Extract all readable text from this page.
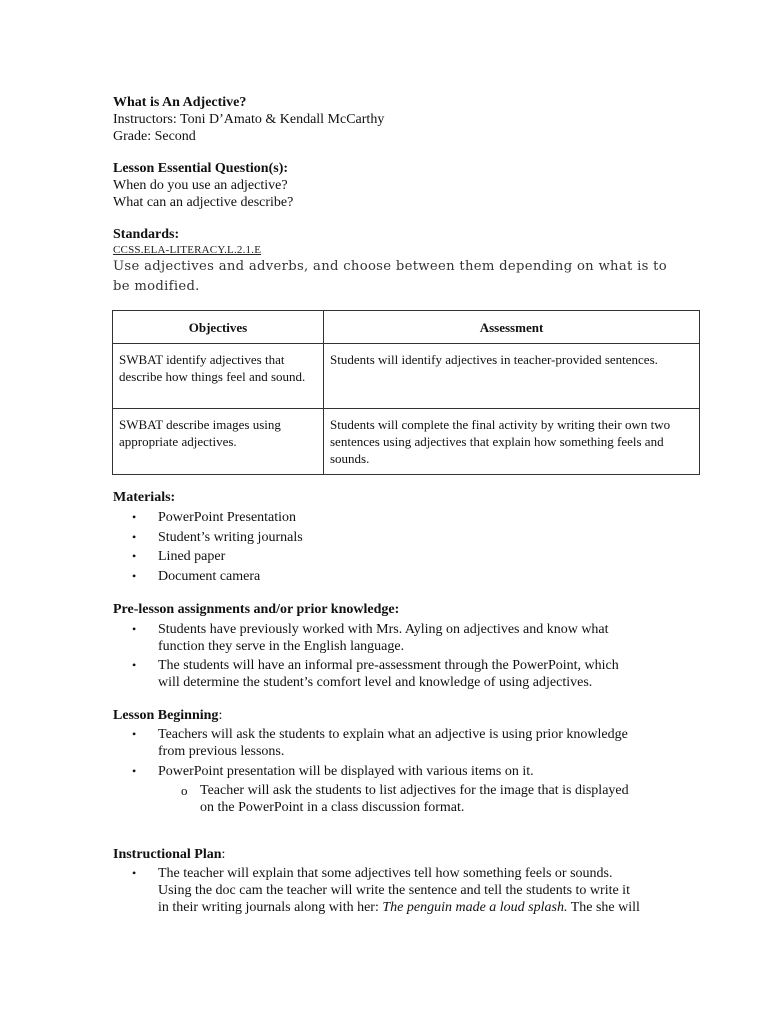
What is An Adjective?
Instructors: Toni D’Amato & Kendall McCarthy
Grade: Second
Lesson Essential Question(s):
When do you use an adjective?
What can an adjective describe?
Standards:
CCSS.ELA-LITERACY.L.2.1.E
Use adjectives and adverbs, and choose between them depending on what is to be modified.
Objectives	Assessment
SWBAT identify adjectives that describe how things feel and sound.	Students will identify adjectives in teacher-provided sentences.
SWBAT describe images using appropriate adjectives.	Students will complete the final activity by writing their own two sentences using adjectives that explain how something feels and sounds.
Materials:
• PowerPoint Presentation
• Student’s writing journals
• Lined paper
• Document camera
Pre-lesson assignments and/or prior knowledge:
• Students have previously worked with Mrs. Ayling on adjectives and know what
function they serve in the English language.
• The students will have an informal pre-assessment through the PowerPoint, which
will determine the student’s comfort level and knowledge of using adjectives.
Lesson Beginning:
• Teachers will ask the students to explain what an adjective is using prior knowledge
from previous lessons.
• PowerPoint presentation will be displayed with various items on it.
o Teacher will ask the students to list adjectives for the image that is displayed
on the PowerPoint in a class discussion format.
Instructional Plan:
• The teacher will explain that some adjectives tell how something feels or sounds.
Using the doc cam the teacher will write the sentence and tell the students to write it
in their writing journals along with her: The penguin made a loud splash. The she will
